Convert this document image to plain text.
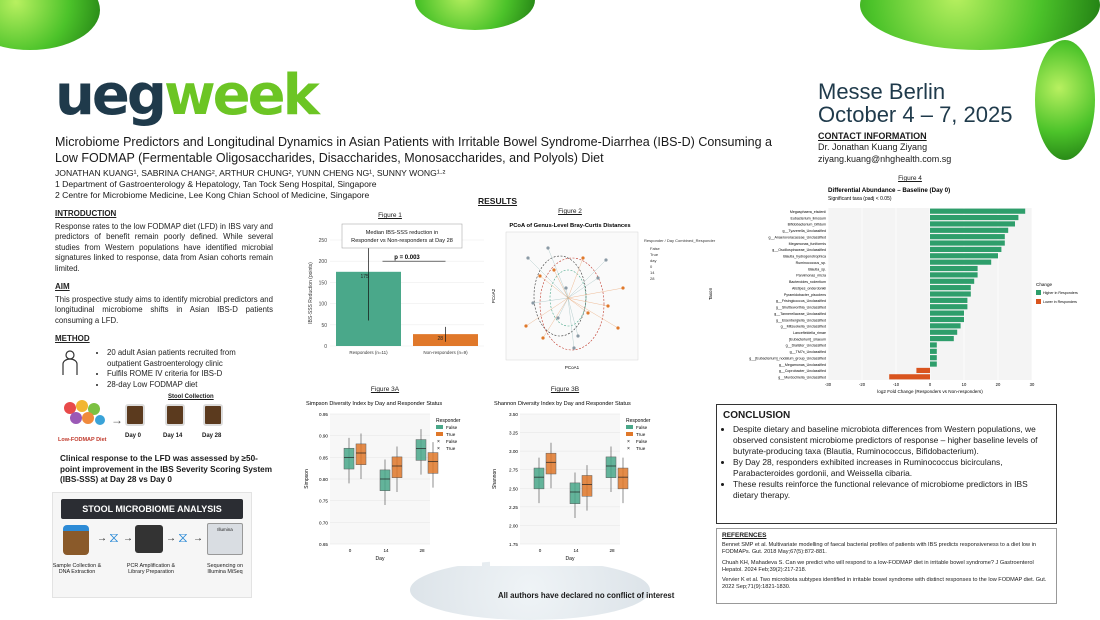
uegweek	Messe Berlin
October 4 – 7, 2025
CONTACT INFORMATION
Dr. Jonathan Kuang Ziyang
ziyang.kuang@nhghealth.com.sg
Microbiome Predictors and Longitudinal Dynamics in Asian Patients with Irritable Bowel Syndrome-Diarrhea (IBS-D) Consuming a Low FODMAP (Fermentable Oligosaccharides, Disaccharides, Monosaccharides, and Polyols) Diet
JONATHAN KUANG¹, SABRINA CHANG², ARTHUR CHUNG², YUNN CHENG NG¹, SUNNY WONG¹·²
1 Department of Gastroenterology & Hepatology, Tan Tock Seng Hospital, Singapore
2 Centre for Microbiome Medicine, Lee Kong Chian School of Medicine, Singapore
INTRODUCTION
Response rates to the low FODMAP diet (LFD) in IBS vary and predictors of benefit remain poorly defined. While several studies from Western populations have identified microbial signatures linked to response, data from Asian cohorts remain limited.
AIM
This prospective study aims to identify microbial predictors and longitudinal microbiome shifts in Asian IBS-D patients consuming a LFD.
METHOD
• 20 adult Asian patients recruited from outpatient Gastroenterology clinic
• Fulfils ROME IV criteria for IBS-D
• 28-day Low FODMAP diet
Low-FODMAP Diet
Stool Collection
→
Day 0	Day 14	Day 28
Clinical response to the LFD was assessed by ≥50-point improvement in the IBS Severity Scoring System (IBS-SSS) at Day 28 vs Day 0
STOOL MICROBIOME ANALYSIS
→ ⧖ →	→ ⧖ →
Illumina
Sample Collection & DNA Extraction
PCR Amplification & Library Preparation
Sequencing on Illumina MiSeq
RESULTS
Figure 1
0
50
100
150
200
250
IBS-SSS Reduction (points)	175
Responders (n=11)
28
Non-responders (n=9)
Median IBS-SSS reduction in
Responder vs Non-responders at Day 28
p = 0.003
Figure 2
PCoA of Genus-Level Bray-Curtis Distances
PCoA1
PCoA2
Responder / Day Combined_Responder
False
True
day
0
14
28
Figure 3A
Simpson Diversity Index by Day and Responder Status
0.65
0.70
0.75
0.80
0.85
0.90
0.95
Simpson
0	14	28
Day
Responder
False
True
× False
× True
Figure 3B
Shannon Diversity Index by Day and Responder Status
1.75
2.00
2.25
2.50
2.75
3.00
3.25
3.50
Shannon
0	14	28
Day
Responder
False
True
× False
× True
Figure 4
Differential Abundance – Baseline (Day 0)
Significant taxa (padj < 0.05)
-30	-20	-10	0	10	20	30
log2 Fold Change (Responders vs Non-responders)
Taxon
Megasphaera_elsdenii
Eubacterium_limosum
Bifidobacterium_bifidum
g__Tyzzerella_Unclassified
g__Anaerovoracaceae_Unclassified
Megamonas_funiformis
g__Oscillospiraceae_Unclassified
Blautia_hydrogenotrophica
Ruminococcus_sp.
Blautia_sp.
Parvimonas_micra
Bacteroides_rodentium
Alistipes_onderdonkii
Pyramidobacter_piscolens
g__Frisingicoccus_Unclassified
g__Shuttleworthia_Unclassified
g__Tannerellaceae_Unclassified
g__Eisenbergiella_Unclassified
g__Mitsuokella_Unclassified
Lancefieldella_rimae
[Eubacterium]_siraeum
g__Dialister_Unclassified
g__TM7x_Unclassified
g__[Eubacterium]_nodatum_group_Unclassified
g__Megamonas_Unclassified
g__Coprobacter_Unclassified
g__Murdochiella_Unclassified
Change
Higher in Responders
Lower in Responders
CONCLUSION
• Despite dietary and baseline microbiota differences from Western populations, we observed consistent microbiome predictors of response – higher baseline levels of butyrate-producing taxa (Blautia, Ruminococcus, Bifidobacterium).
• By Day 28, responders exhibited increases in Ruminococcus bicirculans, Parabacteroides gordonii, and Weissella cibaria.
• These results reinforce the functional relevance of microbiome predictors in IBS dietary therapy.
REFERENCES

Bennet SMP et al. Multivariate modelling of faecal bacterial profiles of patients with IBS predicts responsiveness to a diet low in FODMAPs. Gut. 2018 May;67(5):872-881.

Chuah KH, Mahadeva S. Can we predict who will respond to a low-FODMAP diet in irritable bowel syndrome? J Gastroenterol Hepatol. 2024 Feb;39(2):217-218.

Vervier K et al. Two microbiota subtypes identified in irritable bowel syndrome with distinct responses to the low FODMAP diet. Gut. 2022 Sep;71(9):1821-1830.

All authors have declared no conflict of interest
